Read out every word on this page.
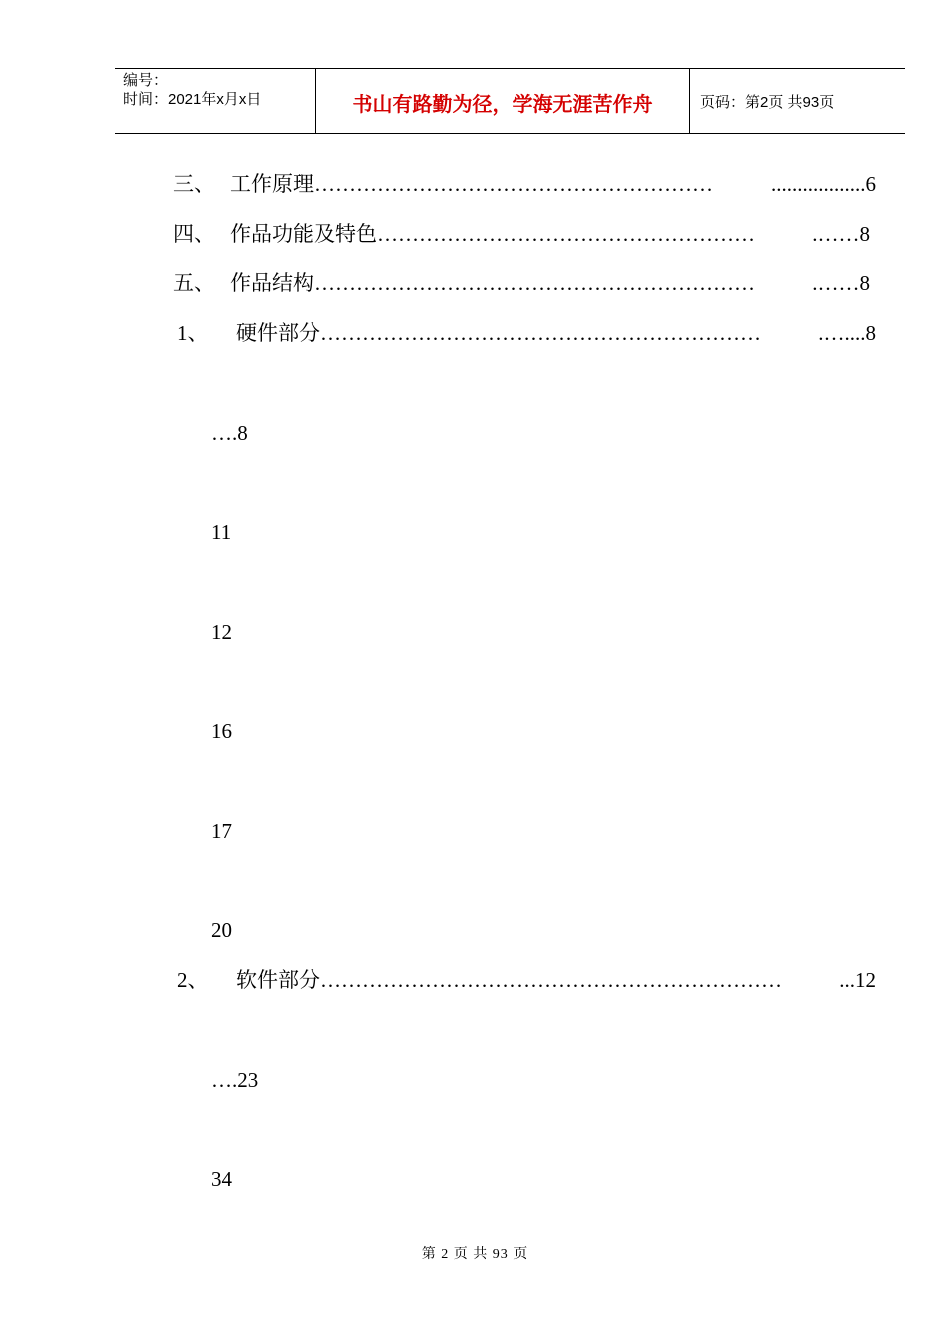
编号：
时间：2021年x月x日	书山有路勤为径，学海无涯苦作舟	页码：第2页 共93页
三、 工作原理…………………………………………………	..................6
四、 作品功能及特色………………………………………………	.……8
五、 作品结构………………………………………………………	.……8
1、 硬件部分………………………………………………………	.…....8
….8
11
12
16
17
20
2、 软件部分…………………………………………………………	...12
….23
34
第 2 页 共 93 页
